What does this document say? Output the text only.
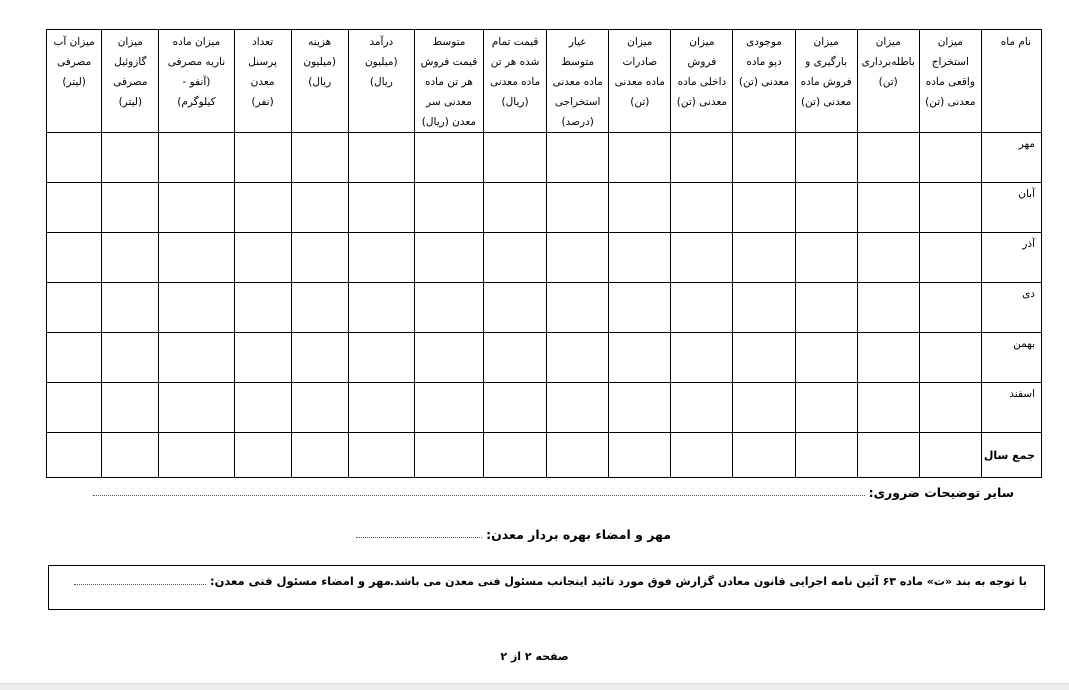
نام ماه	میزان
استخراج
واقعی ماده
معدنی (تن)	میزان
باطله‌برداری
(تن)	میزان
بارگیری و
فروش ماده
معدنی (تن)	موجودی
دپو ماده
معدنی (تن)	میزان
فروش
داخلی ماده
معدنی (تن)	میزان
صادرات
ماده معدنی
(تن)	عیار
متوسط
ماده معدنی
استخراجی
(درصد)	قیمت تمام
شده هر تن
ماده معدنی
(ریال)	متوسط
قیمت فروش
هر تن ماده
معدنی سر
معدن (ریال)	درآمد
(میلیون
ریال)	هزینه
(میلیون
ریال)	تعداد
پرسنل
معدن
(نفر)	میزان ماده
ناریه مصرفی
(آنفو -
کیلوگرم)	میزان
گازوئیل
مصرفی
(لیتر)	میزان آب
مصرفی
(لیتر)
مهر															
آبان															
آذر															
دی															
بهمن															
اسفند															
جمع سال															
سایر توضیحات ضروری:
مهر و امضاء بهره بردار معدن:
با توجه به بند «ت» ماده ۶۳ آئین نامه اجرایی قانون معادن گزارش فوق مورد تائید اینجانب مسئول فنی معدن می باشد.
مهر و امضاء مسئول فنی معدن:
صفحه ۲ از ۲
